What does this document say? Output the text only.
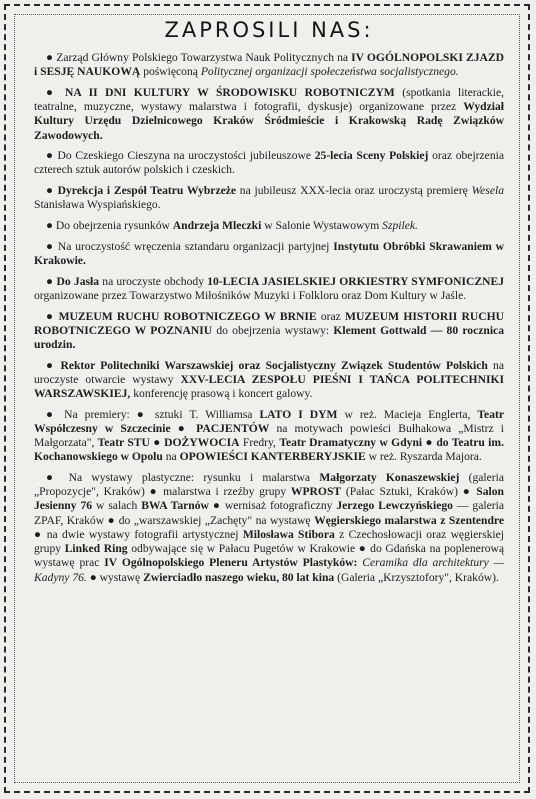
ZAPROSILI NAS:

● Zarząd Główny Polskiego Towarzystwa Nauk Politycznych na IV OGÓLNOPOLSKI ZJAZD i SESJĘ NAUKOWĄ poświęconą Politycznej organizacji społeczeństwa socjalistycznego.

● NA II DNI KULTURY W ŚRODOWISKU ROBOTNICZYM (spotkania literackie, teatralne, muzyczne, wystawy malarstwa i fotografii, dyskusje) organizowane przez Wydział Kultury Urzędu Dzielnicowego Kraków Śródmieście i Krakowską Radę Związków Zawodowych.

● Do Czeskiego Cieszyna na uroczystości jubileuszowe 25-lecia Sceny Polskiej oraz obejrzenia czterech sztuk autorów polskich i czeskich.

● Dyrekcja i Zespół Teatru Wybrzeże na jubileusz XXX-lecia oraz uroczystą premierę Wesela Stanisława Wyspiańskiego.

● Do obejrzenia rysunków Andrzeja Mleczki w Salonie Wystawowym Szpilek.

● Na uroczystość wręczenia sztandaru organizacji partyjnej Instytutu Obróbki Skrawaniem w Krakowie.

● Do Jasła na uroczyste obchody 10-LECIA JASIELSKIEJ ORKIESTRY SYMFONICZNEJ organizowane przez Towarzystwo Miłośników Muzyki i Folkloru oraz Dom Kultury w Jaśle.

● MUZEUM RUCHU ROBOTNICZEGO W BRNIE oraz MUZEUM HISTORII RUCHU ROBOTNICZEGO W POZNANIU do obejrzenia wystawy: Klement Gottwald — 80 rocznica urodzin.

● Rektor Politechniki Warszawskiej oraz Socjalistyczny Związek Studentów Polskich na uroczyste otwarcie wystawy XXV-LECIA ZESPOŁU PIEŚNI I TAŃCA POLITECHNIKI WARSZAWSKIEJ, konferencję prasową i koncert galowy.

● Na premiery: ● sztuki T. Williamsa LATO I DYM w reż. Macieja Englerta, Teatr Współczesny w Szczecinie ● PACJENTÓW na motywach powieści Bułhakowa „Mistrz i Małgorzata", Teatr STU ● DOŻYWOCIA Fredry, Teatr Dramatyczny w Gdyni ● do Teatru im. Kochanowskiego w Opolu na OPOWIEŚCI KANTERBERYJSKIE w reż. Ryszarda Majora.

● Na wystawy plastyczne: rysunku i malarstwa Małgorzaty Konaszewskiej (galeria „Propozycje", Kraków) ● malarstwa i rzeźby grupy WPROST (Pałac Sztuki, Kraków) ● Salon Jesienny 76 w salach BWA Tarnów ● wernisaż fotograficzny Jerzego Lewczyńskiego — galeria ZPAF, Kraków ● do „warszawskiej „Zachęty" na wystawę Węgierskiego malarstwa z Szentendre ● na dwie wystawy fotografii artystycznej Milosława Stibora z Czechosłowacji oraz węgierskiej grupy Linked Ring odbywające się w Pałacu Pugetów w Krakowie ● do Gdańska na poplenerową wystawę prac IV Ogólnopolskiego Pleneru Artystów Plastyków: Ceramika dla architektury — Kadyny 76. ● wystawę Zwierciadło naszego wieku, 80 lat kina (Galeria „Krzysztofory", Kraków).
